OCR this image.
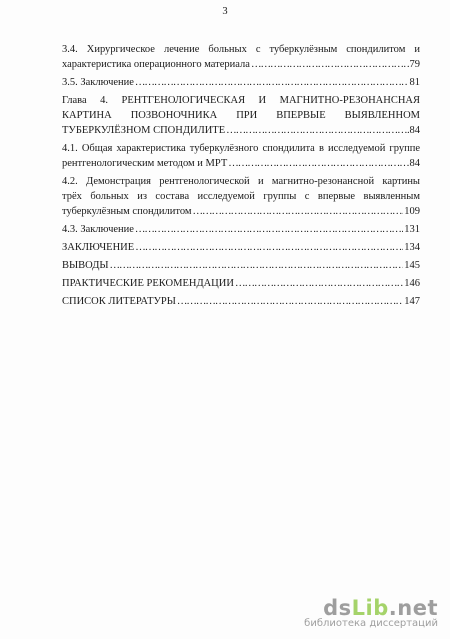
3
3.4. Хирургическое лечение больных с туберкулёзным спондилитом и
характеристика операционного материала ………………………………………………………………………………………………………………	79
3.5. Заключение ………………………………………………………………………………………………………………	81
Глава 4. РЕНТГЕНОЛОГИЧЕСКАЯ И МАГНИТНО-РЕЗОНАНСНАЯ
КАРТИНА ПОЗВОНОЧНИКА ПРИ ВПЕРВЫЕ ВЫЯВЛЕННОМ
ТУБЕРКУЛЁЗНОМ СПОНДИЛИТЕ ………………………………………………………………………………………………………………	84
4.1. Общая характеристика туберкулёзного спондилита в исследуемой группе
рентгенологическим методом и МРТ ………………………………………………………………………………………………………………	84
4.2. Демонстрация рентгенологической и магнитно-резонансной картины
трёх больных из состава исследуемой группы с впервые выявленным
туберкулёзным спондилитом ………………………………………………………………………………………………………………	109
4.3. Заключение ………………………………………………………………………………………………………………	131
ЗАКЛЮЧЕНИЕ ………………………………………………………………………………………………………………	134
ВЫВОДЫ ………………………………………………………………………………………………………………	145
ПРАКТИЧЕСКИЕ РЕКОМЕНДАЦИИ ………………………………………………………………………………………………………………	146
СПИСОК ЛИТЕРАТУРЫ ………………………………………………………………………………………………………………	147
dsLib.net
библиотека диссертаций
